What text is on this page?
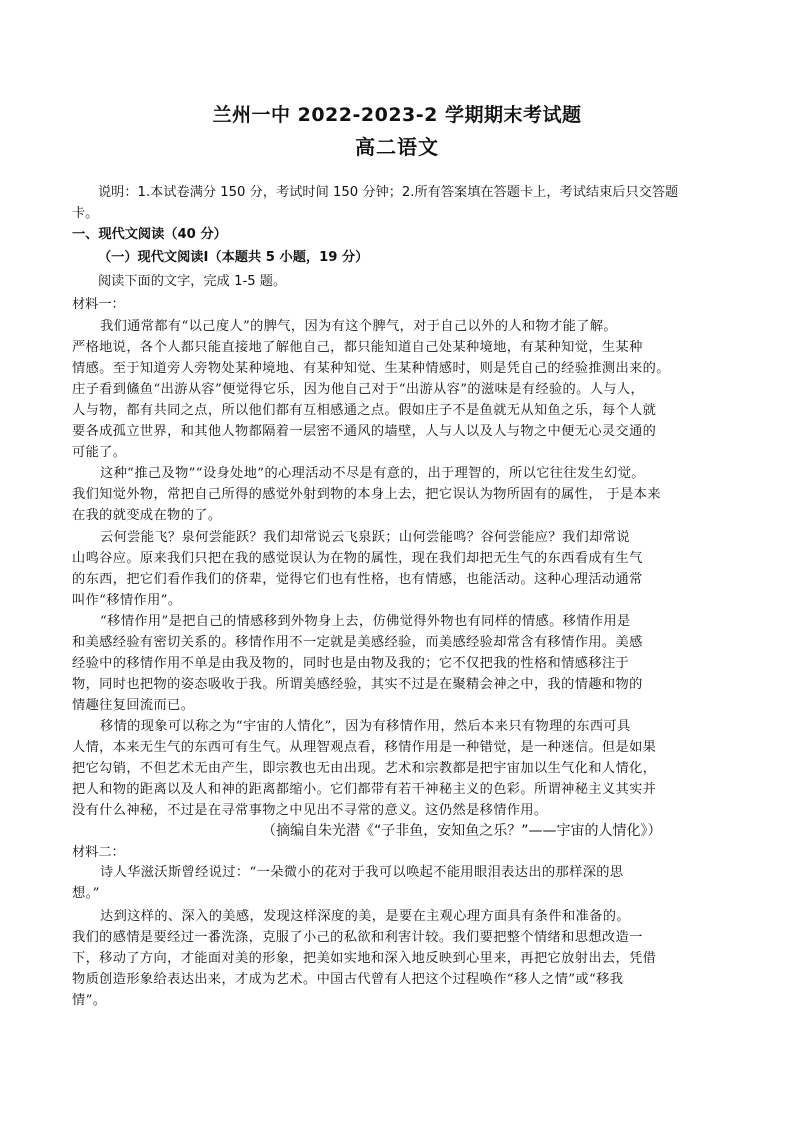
兰州一中 2022-2023-2 学期期末考试题
高二语文
说明：1.本试卷满分 150 分，考试时间 150 分钟；2.所有答案填在答题卡上，考试结束后只交答题
卡。
一、现代文阅读（40 分）
（一）现代文阅读Ⅰ（本题共 5 小题，19 分）
阅读下面的文字，完成 1-5 题。
材料一：
我们通常都有“以己度人”的脾气，因为有这个脾气，对于自己以外的人和物才能了解。
严格地说，各个人都只能直接地了解他自己，都只能知道自己处某种境地，有某种知觉，生某种
情感。至于知道旁人旁物处某种境地、有某种知觉、生某种情感时，则是凭自己的经验推测出来的。
庄子看到鯈鱼“出游从容”便觉得它乐，因为他自己对于“出游从容”的滋味是有经验的。人与人，
人与物，都有共同之点，所以他们都有互相感通之点。假如庄子不是鱼就无从知鱼之乐，每个人就
要各成孤立世界，和其他人物都隔着一层密不通风的墙壁，人与人以及人与物之中便无心灵交通的
可能了。
这种“推己及物”“设身处地”的心理活动不尽是有意的，出于理智的，所以它往往发生幻觉。
我们知觉外物，常把自己所得的感觉外射到物的本身上去，把它误认为物所固有的属性， 于是本来
在我的就变成在物的了。
云何尝能飞？泉何尝能跃？我们却常说云飞泉跃；山何尝能鸣？谷何尝能应？我们却常说
山鸣谷应。原来我们只把在我的感觉误认为在物的属性，现在我们却把无生气的东西看成有生气
的东西，把它们看作我们的侪辈，觉得它们也有性格，也有情感，也能活动。这种心理活动通常
叫作“移情作用”。
“移情作用”是把自己的情感移到外物身上去，仿佛觉得外物也有同样的情感。移情作用是
和美感经验有密切关系的。移情作用不一定就是美感经验，而美感经验却常含有移情作用。美感
经验中的移情作用不单是由我及物的，同时也是由物及我的；它不仅把我的性格和情感移注于
物，同时也把物的姿态吸收于我。所谓美感经验，其实不过是在聚精会神之中，我的情趣和物的
情趣往复回流而已。
移情的现象可以称之为“宇宙的人情化”，因为有移情作用，然后本来只有物理的东西可具
人情，本来无生气的东西可有生气。从理智观点看，移情作用是一种错觉，是一种迷信。但是如果
把它勾销，不但艺术无由产生，即宗教也无由出现。艺术和宗教都是把宇宙加以生气化和人情化，
把人和物的距离以及人和神的距离都缩小。它们都带有若干神秘主义的色彩。所谓神秘主义其实并
没有什么神秘，不过是在寻常事物之中见出不寻常的意义。这仍然是移情作用。
（摘编自朱光潜《“子非鱼，安知鱼之乐？”——宇宙的人情化》）
材料二：
诗人华滋沃斯曾经说过：“一朵微小的花对于我可以唤起不能用眼泪表达出的那样深的思
想。”
达到这样的、深入的美感，发现这样深度的美，是要在主观心理方面具有条件和准备的。
我们的感情是要经过一番洗涤，克服了小己的私欲和利害计较。我们要把整个情绪和思想改造一
下，移动了方向，才能面对美的形象，把美如实地和深入地反映到心里来，再把它放射出去，凭借
物质创造形象给表达出来，才成为艺术。中国古代曾有人把这个过程唤作“移人之情”或“移我
情”。
